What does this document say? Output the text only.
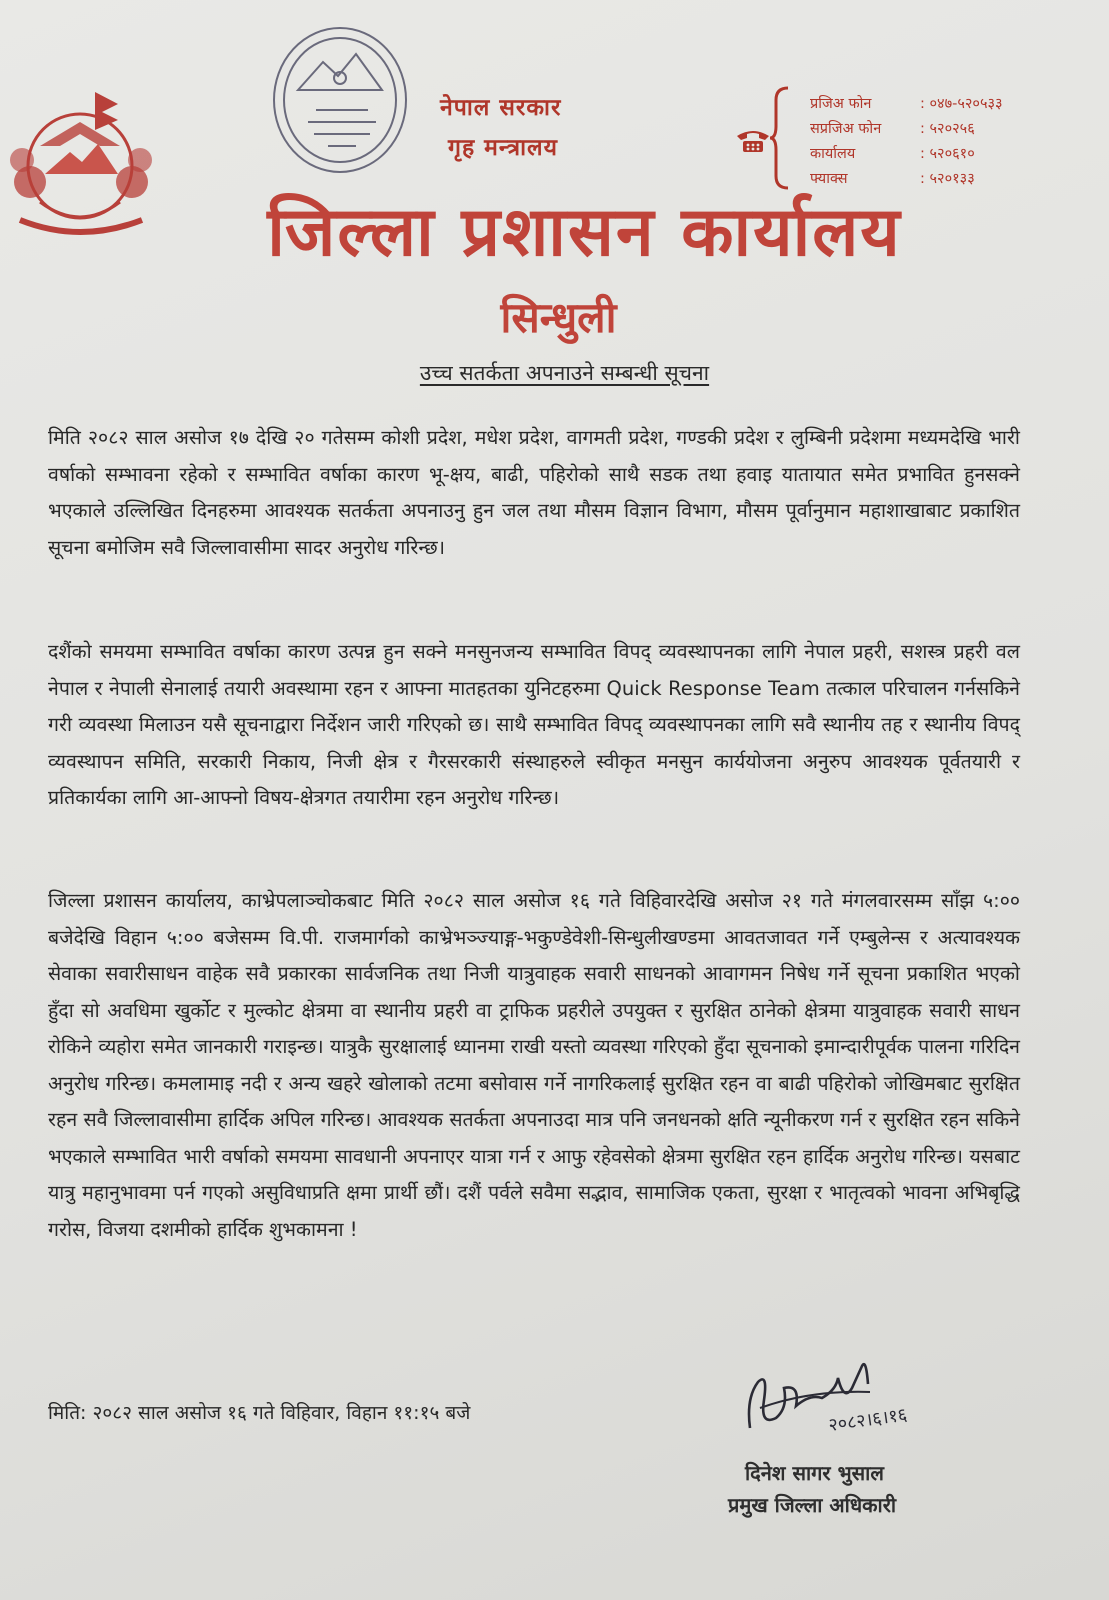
नेपाल सरकार
गृह मन्त्रालय
प्रजिअ फोन	: ०४७-५२०५३३
सप्रजिअ फोन	: ५२०२५६
कार्यालय	: ५२०६१०
फ्याक्स	: ५२०१३३
जिल्ला प्रशासन कार्यालय
सिन्धुली
उच्च सतर्कता अपनाउने सम्बन्धी सूचना

मिति २०८२ साल असोज १७ देखि २० गतेसम्म कोशी प्रदेश, मधेश प्रदेश, वागमती प्रदेश, गण्डकी प्रदेश र लुम्बिनी प्रदेशमा मध्यमदेखि भारी वर्षाको सम्भावना रहेको र सम्भावित वर्षाका कारण भू-क्षय, बाढी, पहिरोको साथै सडक तथा हवाइ यातायात समेत प्रभावित हुनसक्ने भएकाले उल्लिखित दिनहरुमा आवश्यक सतर्कता अपनाउनु हुन जल तथा मौसम विज्ञान विभाग, मौसम पूर्वानुमान महाशाखाबाट प्रकाशित सूचना बमोजिम सवै जिल्लावासीमा सादर अनुरोध गरिन्छ।

दशैंको समयमा सम्भावित वर्षाका कारण उत्पन्न हुन सक्ने मनसुनजन्य सम्भावित विपद् व्यवस्थापनका लागि नेपाल प्रहरी, सशस्त्र प्रहरी वल नेपाल र नेपाली सेनालाई तयारी अवस्थामा रहन र आफ्ना मातहतका युनिटहरुमा Quick Response Team तत्काल परिचालन गर्नसकिने गरी व्यवस्था मिलाउन यसै सूचनाद्वारा निर्देशन जारी गरिएको छ। साथै सम्भावित विपद् व्यवस्थापनका लागि सवै स्थानीय तह र स्थानीय विपद् व्यवस्थापन समिति, सरकारी निकाय, निजी क्षेत्र र गैरसरकारी संस्थाहरुले स्वीकृत मनसुन कार्ययोजना अनुरुप आवश्यक पूर्वतयारी र प्रतिकार्यका लागि आ-आफ्नो विषय-क्षेत्रगत तयारीमा रहन अनुरोध गरिन्छ।

जिल्ला प्रशासन कार्यालय, काभ्रेपलाञ्चोकबाट मिति २०८२ साल असोज १६ गते विहिवारदेखि असोज २१ गते मंगलवारसम्म साँझ ५:०० बजेदेखि विहान ५:०० बजेसम्म वि.पी. राजमार्गको काभ्रेभञ्ज्याङ्ग-भकुण्डेवेशी-सिन्धुलीखण्डमा आवतजावत गर्ने एम्बुलेन्स र अत्यावश्यक सेवाका सवारीसाधन वाहेक सवै प्रकारका सार्वजनिक तथा निजी यात्रुवाहक सवारी साधनको आवागमन निषेध गर्ने सूचना प्रकाशित भएको हुँदा सो अवधिमा खुर्कोट र मुल्कोट क्षेत्रमा वा स्थानीय प्रहरी वा ट्राफिक प्रहरीले उपयुक्त र सुरक्षित ठानेको क्षेत्रमा यात्रुवाहक सवारी साधन रोकिने व्यहोरा समेत जानकारी गराइन्छ। यात्रुकै सुरक्षालाई ध्यानमा राखी यस्तो व्यवस्था गरिएको हुँदा सूचनाको इमान्दारीपूर्वक पालना गरिदिन अनुरोध गरिन्छ। कमलामाइ नदी र अन्य खहरे खोलाको तटमा बसोवास गर्ने नागरिकलाई सुरक्षित रहन वा बाढी पहिरोको जोखिमबाट सुरक्षित रहन सवै जिल्लावासीमा हार्दिक अपिल गरिन्छ। आवश्यक सतर्कता अपनाउदा मात्र पनि जनधनको क्षति न्यूनीकरण गर्न र सुरक्षित रहन सकिने भएकाले सम्भावित भारी वर्षाको समयमा सावधानी अपनाएर यात्रा गर्न र आफु रहेवसेको क्षेत्रमा सुरक्षित रहन हार्दिक अनुरोध गरिन्छ। यसबाट यात्रु महानुभावमा पर्न गएको असुविधाप्रति क्षमा प्रार्थी छौं। दशैं पर्वले सवैमा सद्भाव, सामाजिक एकता, सुरक्षा र भातृत्वको भावना अभिबृद्धि गरोस, विजया दशमीको हार्दिक शुभकामना !

मिति: २०८२ साल असोज १६ गते विहिवार, विहान ११:१५ बजे	२०८२।६।१६
दिनेश सागर भुसाल
प्रमुख जिल्ला अधिकारी
